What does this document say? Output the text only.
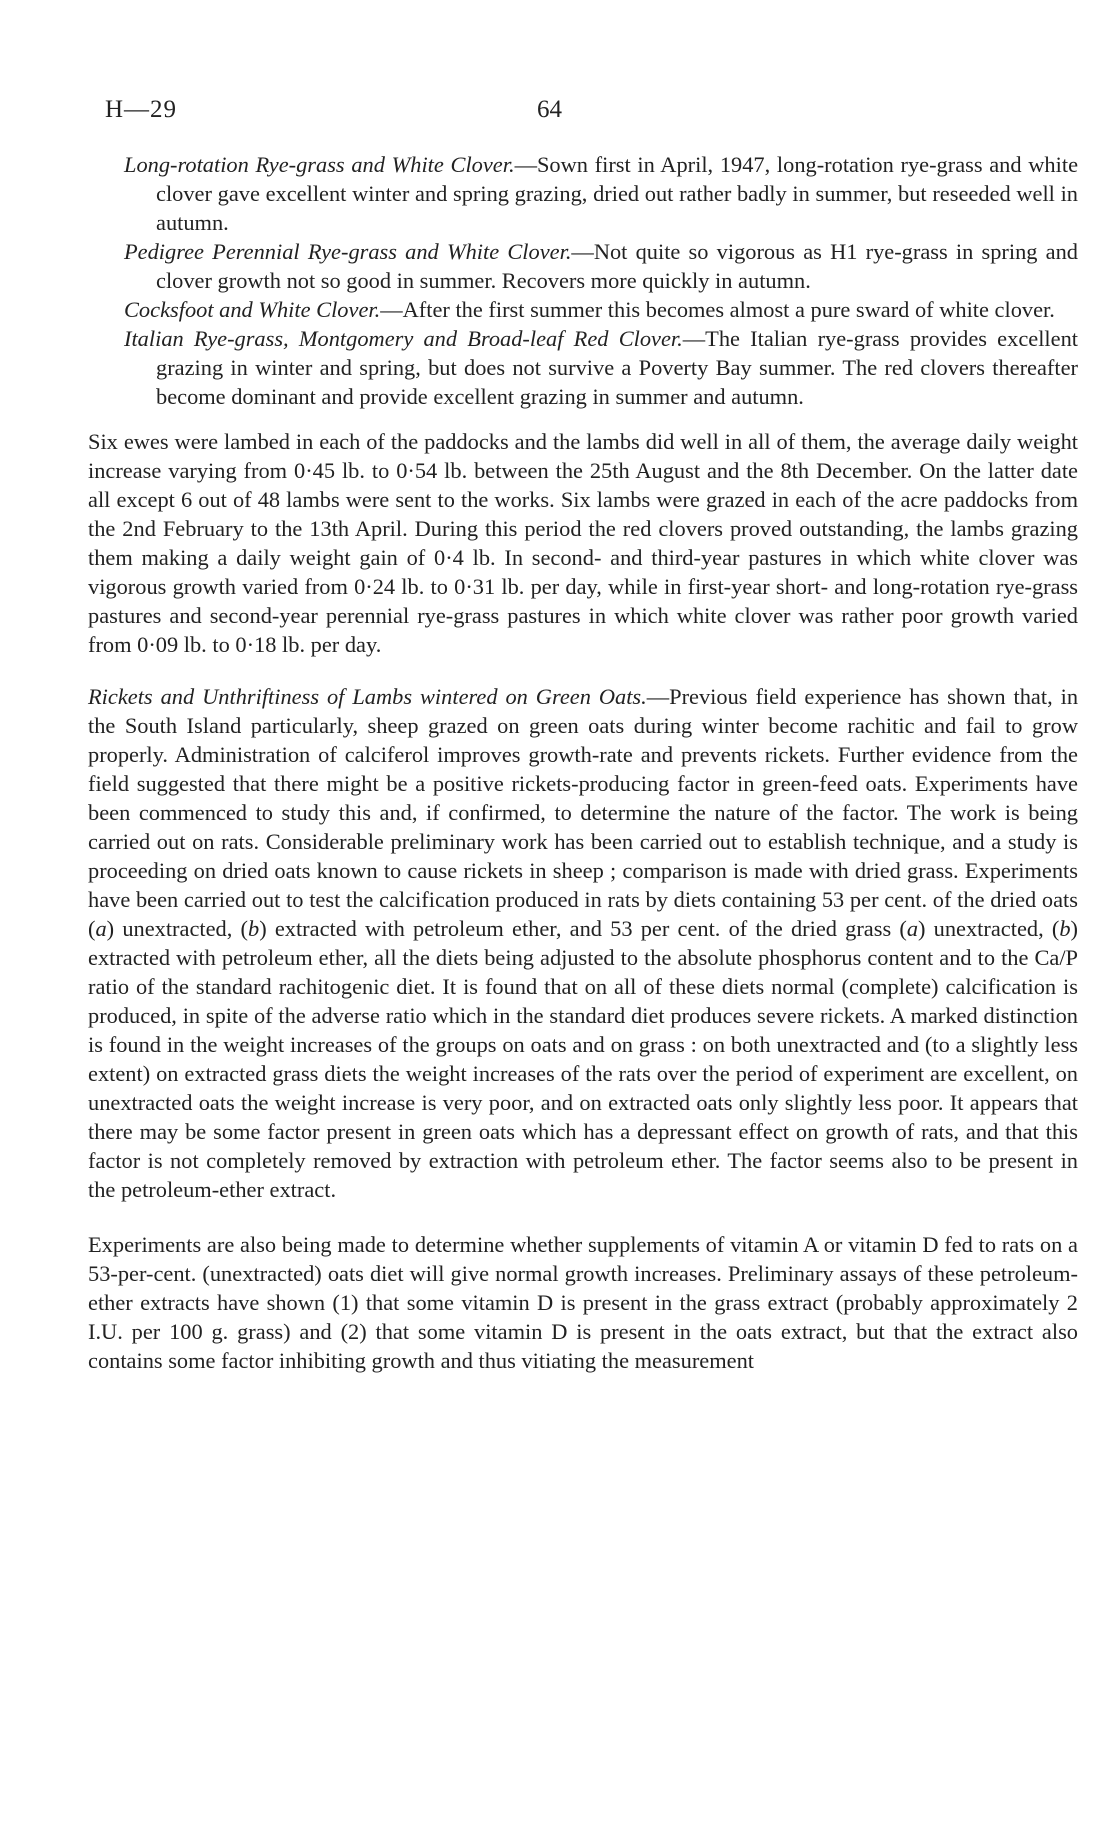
H—29	64

Long-rotation Rye-grass and White Clover.—Sown first in April, 1947, long-rotation rye-grass and white clover gave excellent winter and spring grazing, dried out rather badly in summer, but reseeded well in autumn.

Pedigree Perennial Rye-grass and White Clover.—Not quite so vigorous as H1 rye-grass in spring and clover growth not so good in summer. Recovers more quickly in autumn.

Cocksfoot and White Clover.—After the first summer this becomes almost a pure sward of white clover.

Italian Rye-grass, Montgomery and Broad-leaf Red Clover.—The Italian rye-grass provides excellent grazing in winter and spring, but does not survive a Poverty Bay summer. The red clovers thereafter become dominant and provide excellent grazing in summer and autumn.

Six ewes were lambed in each of the paddocks and the lambs did well in all of them, the average daily weight increase varying from 0·45 lb. to 0·54 lb. between the 25th August and the 8th December. On the latter date all except 6 out of 48 lambs were sent to the works. Six lambs were grazed in each of the acre paddocks from the 2nd February to the 13th April. During this period the red clovers proved outstanding, the lambs grazing them making a daily weight gain of 0·4 lb. In second- and third-year pastures in which white clover was vigorous growth varied from 0·24 lb. to 0·31 lb. per day, while in first-year short- and long-rotation rye-grass pastures and second-year perennial rye-grass pastures in which white clover was rather poor growth varied from 0·09 lb. to 0·18 lb. per day.

Rickets and Unthriftiness of Lambs wintered on Green Oats.—Previous field experience has shown that, in the South Island particularly, sheep grazed on green oats during winter become rachitic and fail to grow properly. Administration of calciferol improves growth-rate and prevents rickets. Further evidence from the field suggested that there might be a positive rickets-producing factor in green-feed oats. Experiments have been commenced to study this and, if confirmed, to determine the nature of the factor. The work is being carried out on rats. Considerable preliminary work has been carried out to establish technique, and a study is proceeding on dried oats known to cause rickets in sheep ; comparison is made with dried grass. Experiments have been carried out to test the calcification produced in rats by diets containing 53 per cent. of the dried oats (a) unextracted, (b) extracted with petroleum ether, and 53 per cent. of the dried grass (a) unextracted, (b) extracted with petroleum ether, all the diets being adjusted to the absolute phosphorus content and to the Ca/P ratio of the standard rachitogenic diet. It is found that on all of these diets normal (complete) calcification is produced, in spite of the adverse ratio which in the standard diet produces severe rickets. A marked distinction is found in the weight increases of the groups on oats and on grass : on both unextracted and (to a slightly less extent) on extracted grass diets the weight increases of the rats over the period of experiment are excellent, on unextracted oats the weight increase is very poor, and on extracted oats only slightly less poor. It appears that there may be some factor present in green oats which has a depressant effect on growth of rats, and that this factor is not completely removed by extraction with petroleum ether. The factor seems also to be present in the petroleum-ether extract.

Experiments are also being made to determine whether supplements of vitamin A or vitamin D fed to rats on a 53-per-cent. (unextracted) oats diet will give normal growth increases. Preliminary assays of these petroleum-ether extracts have shown (1) that some vitamin D is present in the grass extract (probably approximately 2 I.U. per 100 g. grass) and (2) that some vitamin D is present in the oats extract, but that the extract also contains some factor inhibiting growth and thus vitiating the measurement
